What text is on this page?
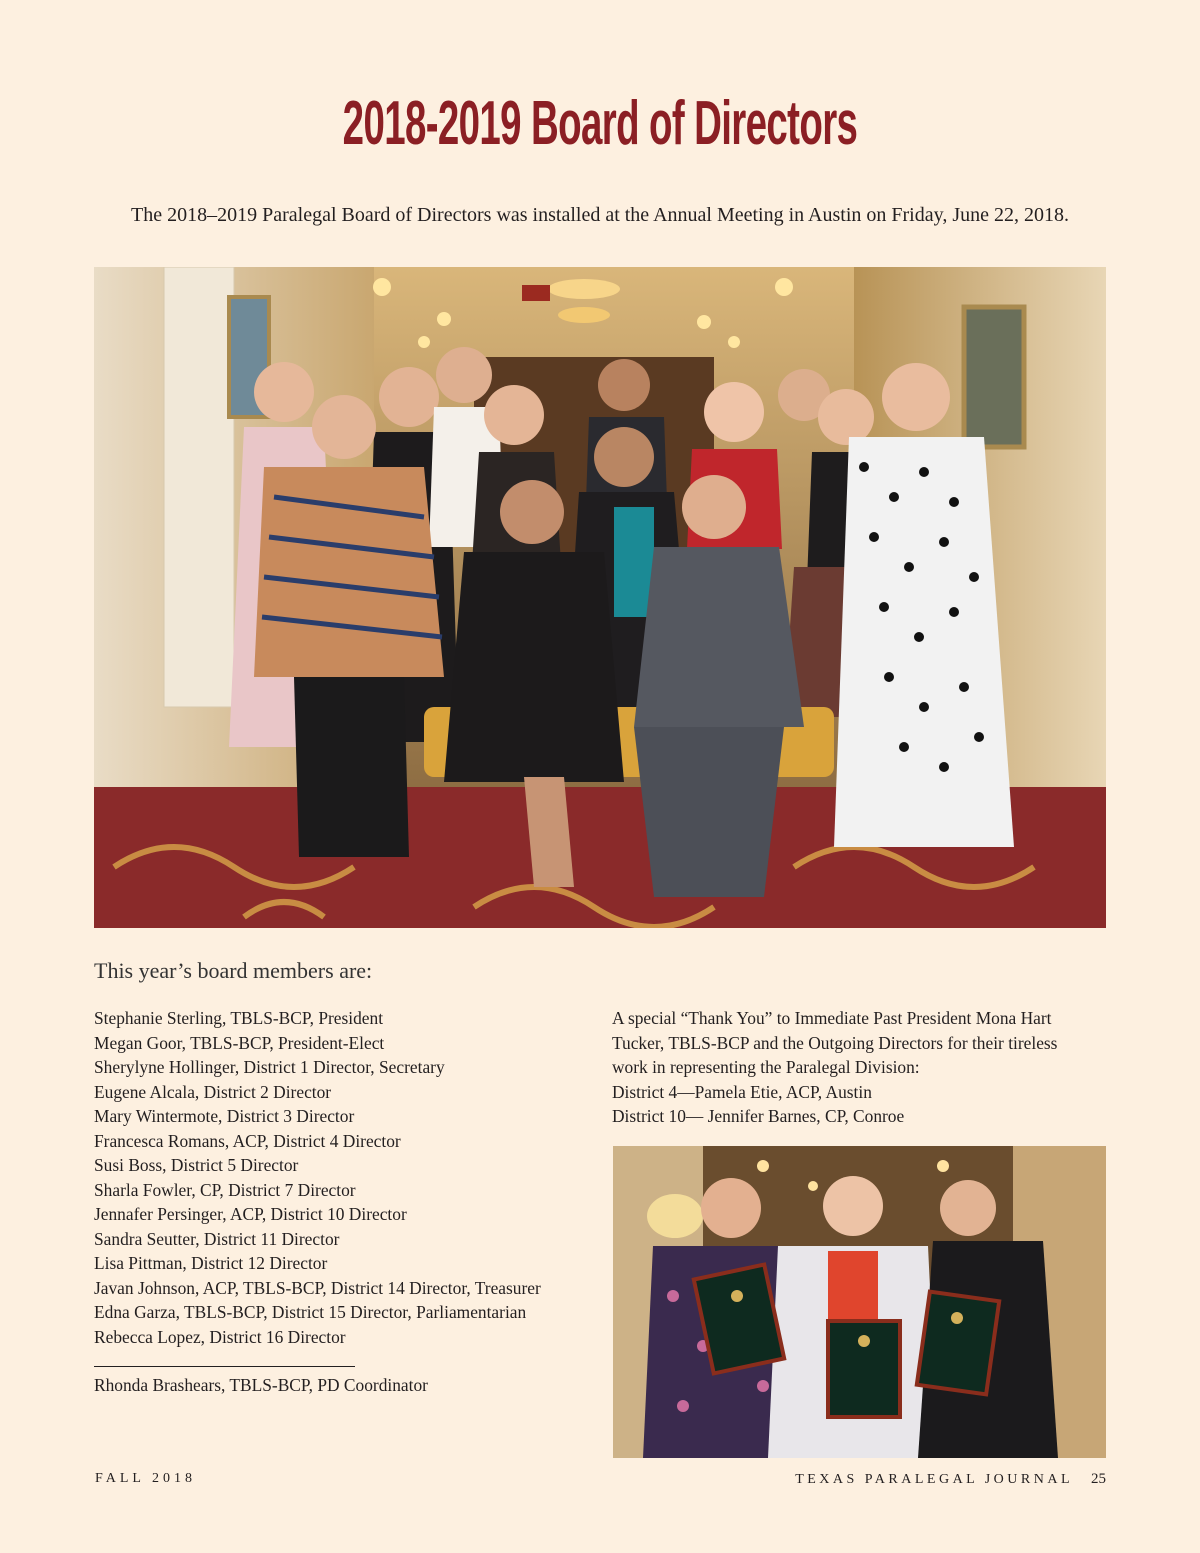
2018-2019 Board of Directors
The 2018–2019 Paralegal Board of Directors was installed at the Annual Meeting in Austin on Friday, June 22, 2018.
This year’s board members are:
Stephanie Sterling, TBLS-BCP, President
Megan Goor, TBLS-BCP, President-Elect
Sherylyne Hollinger, District 1 Director, Secretary
Eugene Alcala, District 2 Director
Mary Wintermote, District 3 Director
Francesca Romans, ACP, District 4 Director
Susi Boss, District 5 Director
Sharla Fowler, CP, District 7 Director
Jennafer Persinger, ACP, District 10 Director
Sandra Seutter, District 11 Director
Lisa Pittman, District 12 Director
Javan Johnson, ACP, TBLS-BCP, District 14 Director, Treasurer
Edna Garza, TBLS-BCP, District 15 Director, Parliamentarian
Rebecca Lopez, District 16 Director
Rhonda Brashears, TBLS-BCP, PD Coordinator
A special “Thank You” to Immediate Past President Mona Hart
Tucker, TBLS-BCP and the Outgoing Directors for their tireless
work in representing the Paralegal Division:
District 4—Pamela Etie, ACP, Austin
District 10— Jennifer Barnes, CP, Conroe
FALL 2018	TEXAS PARALEGAL JOURNAL 25
